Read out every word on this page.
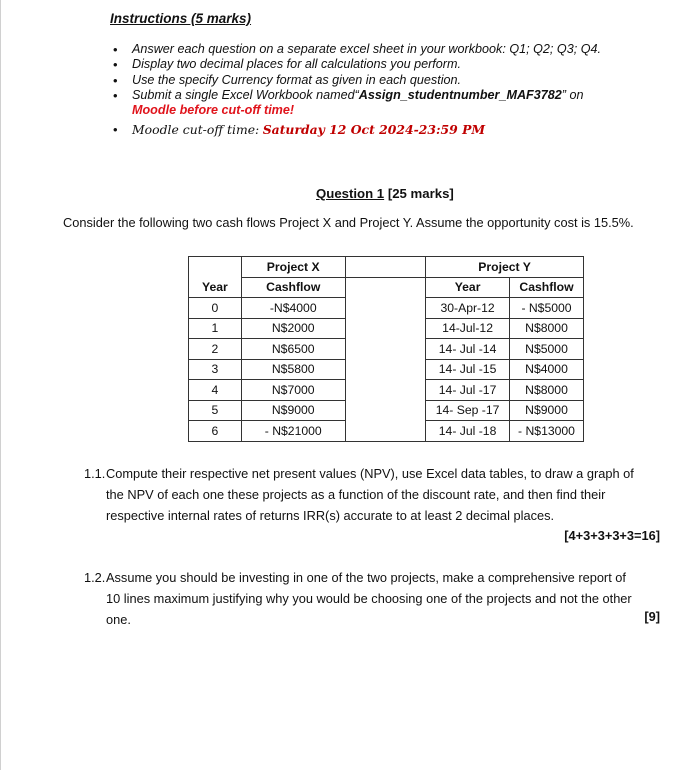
Instructions (5 marks)
• Answer each question on a separate excel sheet in your workbook: Q1; Q2; Q3; Q4.
• Display two decimal places for all calculations you perform.
• Use the specify Currency format as given in each question.
• Submit a single Excel Workbook named“Assign_studentnumber_MAF3782” on
Moodle before cut-off time!
• Moodle cut-off time: Saturday 12 Oct 2024-23:59 PM
Question 1 [25 marks]
Consider the following two cash flows Project X and Project Y. Assume the opportunity cost is 15.5%.
	Project X		Project Y	
Year	Cashflow		Year	Cashflow
0	-N$4000		30-Apr-12	- N$5000
1	N$2000		14-Jul-12	N$8000
2	N$6500		14- Jul -14	N$5000
3	N$5800		14- Jul -15	N$4000
4	N$7000		14- Jul -17	N$8000
5	N$9000		14- Sep -17	N$9000
6	- N$21000		14- Jul -18	- N$13000
1.1.Compute their respective net present values (NPV), use Excel data tables, to draw a graph of
the NPV of each one these projects as a function of the discount rate, and then find their
respective internal rates of returns IRR(s) accurate to at least 2 decimal places.
[4+3+3+3+3=16]
1.2.Assume you should be investing in one of the two projects, make a comprehensive report of
10 lines maximum justifying why you would be choosing one of the projects and not the other
one.	[9]
